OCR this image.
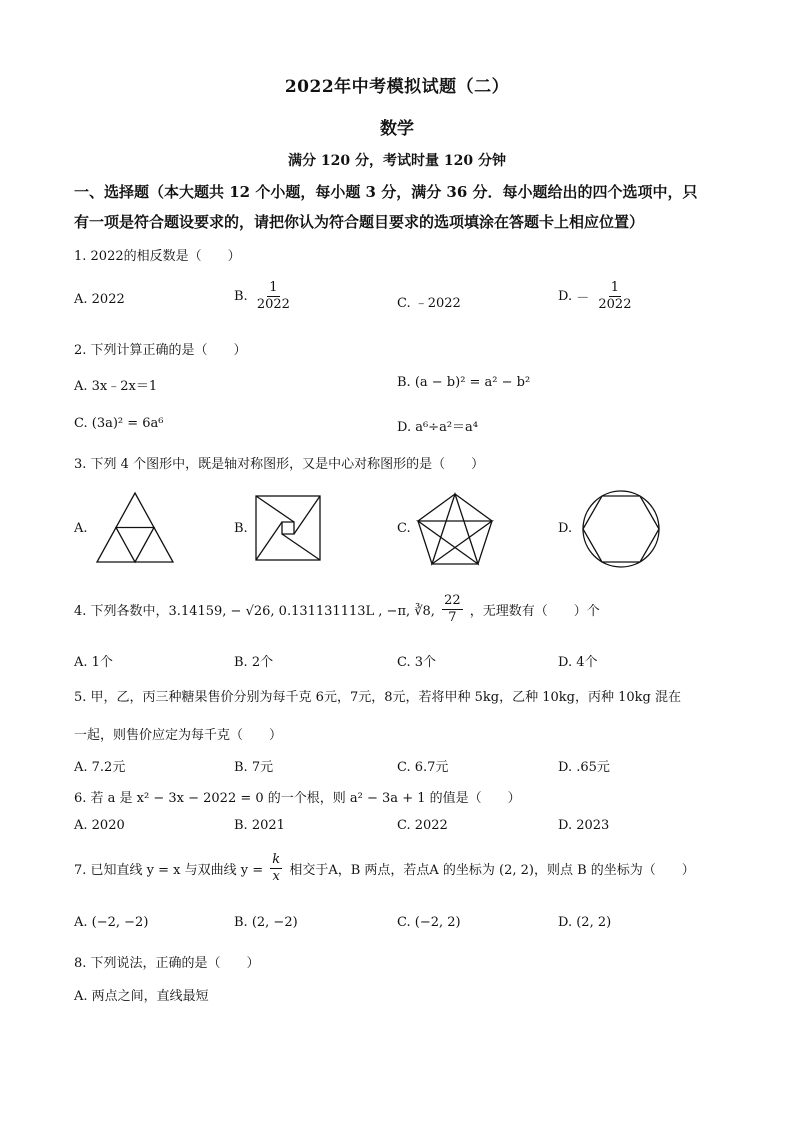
2022年中考模拟试题（二）
数学
满分 120 分，考试时量 120 分钟
一、选择题（本大题共 12 个小题，每小题 3 分，满分 36 分．每小题给出的四个选项中，只
有一项是符合题设要求的，请把你认为符合题目要求的选项填涂在答题卡上相应位置）
1. 2022的相反数是（　　）
A. 2022	B. $\frac{1}{2022}$	C. ﹣2022	D. － $\frac{1}{2022}$
2. 下列计算正确的是（　　）
A. 3x﹣2x＝1	B. (a − b)² = a² − b²
C. (3a)² = 6a⁶	D. a⁶÷a²＝a⁴
3. 下列 4 个图形中，既是轴对称图形，又是中心对称图形的是（　　）
A.	B.	C.	D.
4. 下列各数中，3.14159, − √26, 0.131131113L , −π, ∛8, $\frac{22}{7}$ ，无理数有（　　）个
A. 1个	B. 2个	C. 3个	D. 4个
5. 甲，乙，丙三种糖果售价分别为每千克 6元，7元，8元，若将甲种 5kg，乙种 10kg，丙种 10kg 混在
一起，则售价应定为每千克（　　）
A. 7.2元	B. 7元	C. 6.7元	D. .65元
6. 若 a 是 x² − 3x − 2022 = 0 的一个根，则 a² − 3a + 1 的值是（　　）
A. 2020	B. 2021	C. 2022	D. 2023
7. 已知直线 y = x 与双曲线 $y = \frac{k}{x}$ 相交于A，B 两点，若点A 的坐标为 (2, 2)，则点 B 的坐标为（　　）
A. (−2, −2)	B. (2, −2)	C. (−2, 2)	D. (2, 2)
8. 下列说法，正确的是（　　）
A. 两点之间，直线最短
